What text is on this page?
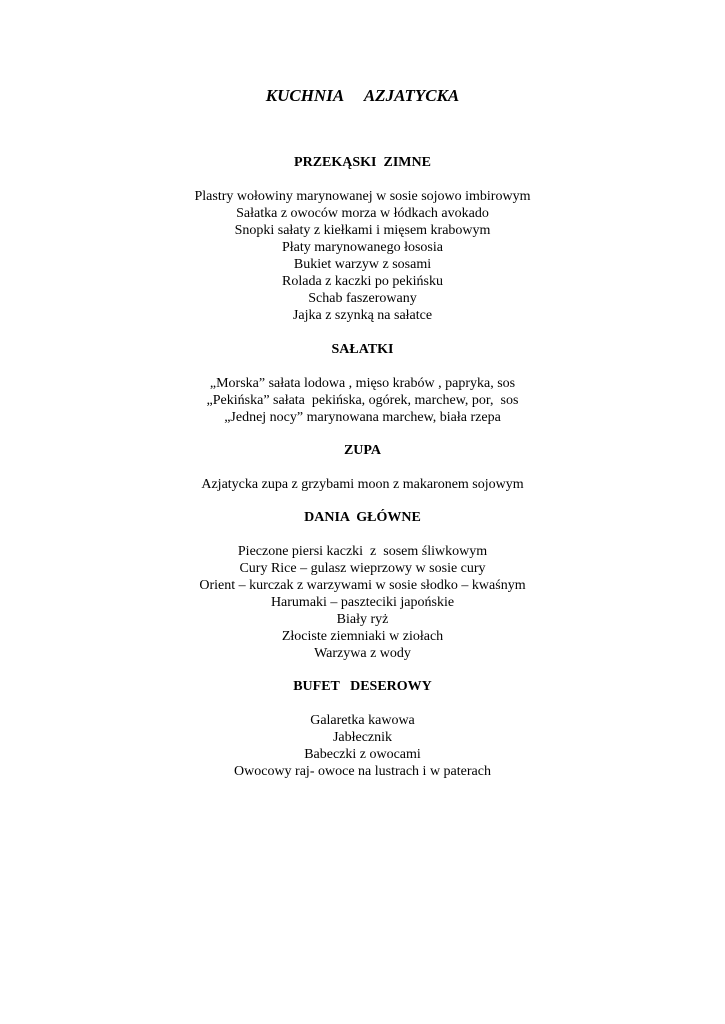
KUCHNIA     AZJATYCKA
PRZEKĄSKI  ZIMNE
Plastry wołowiny marynowanej w sosie sojowo imbirowym
Sałatka z owoców morza w łódkach avokado
Snopki sałaty z kiełkami i mięsem krabowym
Płaty marynowanego łososia
Bukiet warzyw z sosami
Rolada z kaczki po pekińsku
Schab faszerowany
Jajka z szynką na sałatce
SAŁATKI
„Morska” sałata lodowa , mięso krabów , papryka, sos
„Pekińska” sałata  pekińska, ogórek, marchew, por,  sos
„Jednej nocy” marynowana marchew, biała rzepa
ZUPA
Azjatycka zupa z grzybami moon z makaronem sojowym
DANIA  GŁÓWNE
Pieczone piersi kaczki  z  sosem śliwkowym
Cury Rice – gulasz wieprzowy w sosie cury
Orient – kurczak z warzywami w sosie słodko – kwaśnym
Harumaki – paszteciki japońskie
Biały ryż
Złociste ziemniaki w ziołach
Warzywa z wody
BUFET   DESEROWY
Galaretka kawowa
Jabłecznik
Babeczki z owocami
Owocowy raj- owoce na lustrach i w paterach
